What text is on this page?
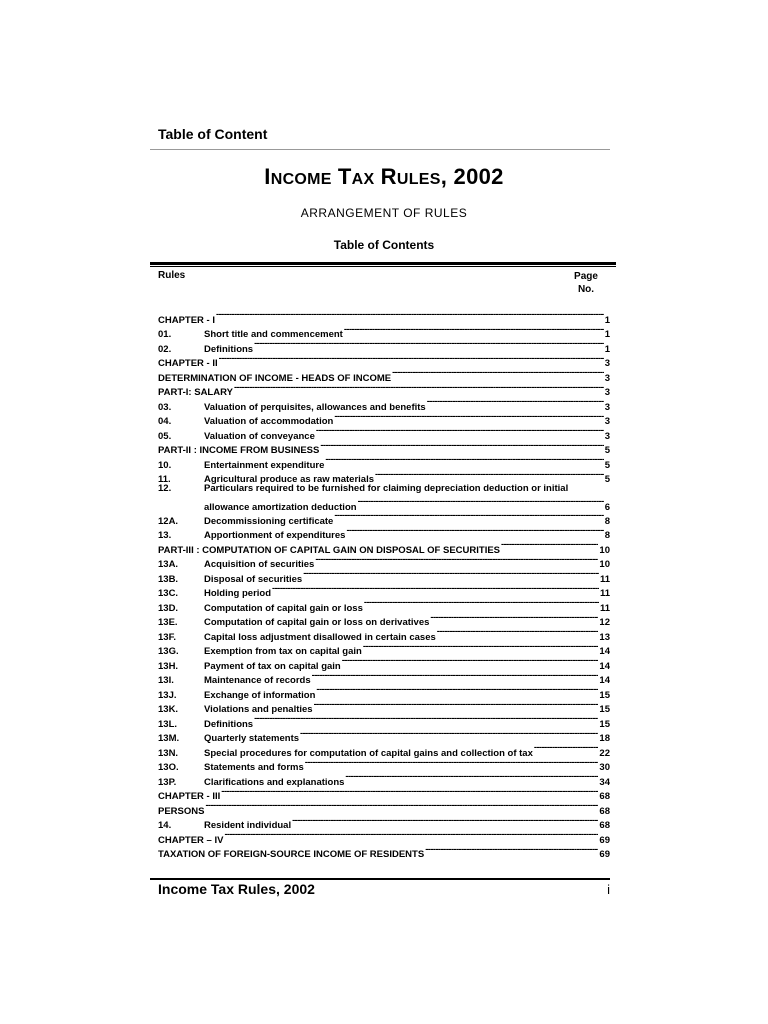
Table of Content
INCOME TAX RULES, 2002
ARRANGEMENT OF RULES
Table of Contents
Rules	Page
No.
CHAPTER - I -----	1
01.	Short title and commencement -----	1
02.	Definitions -----	1
CHAPTER - II -----	3
DETERMINATION OF INCOME - HEADS OF INCOME -----	3
PART-I: SALARY -----	3
03.	Valuation of perquisites, allowances and benefits -----	3
04.	Valuation of accommodation -----	3
05.	Valuation of conveyance -----	3
PART-II : INCOME FROM BUSINESS -----	5
10.	Entertainment expenditure -----	5
11.	Agricultural produce as raw materials -----	5
12.	Particulars required to be furnished for claiming depreciation deduction or initial
allowance amortization deduction -----	6
12A.	Decommissioning certificate -----	8
13.	Apportionment of expenditures -----	8
PART-III : COMPUTATION OF CAPITAL GAIN ON DISPOSAL OF SECURITIES -----	10
13A.	Acquisition of securities -----	10
13B.	Disposal of securities -----	11
13C.	Holding period -----	11
13D.	Computation of capital gain or loss -----	11
13E.	Computation of capital gain or loss on derivatives -----	12
13F.	Capital loss adjustment disallowed in certain cases -----	13
13G.	Exemption from tax on capital gain -----	14
13H.	Payment of tax on capital gain -----	14
13I.	Maintenance of records -----	14
13J.	Exchange of information -----	15
13K.	Violations and penalties -----	15
13L.	Definitions -----	15
13M.	Quarterly statements -----	18
13N.	Special procedures for computation of capital gains and collection of tax -----	22
13O.	Statements and forms -----	30
13P.	Clarifications and explanations -----	34
CHAPTER - III -----	68
PERSONS -----	68
14.	Resident individual -----	68
CHAPTER – IV -----	69
TAXATION OF FOREIGN-SOURCE INCOME OF RESIDENTS -----	69
Income Tax Rules, 2002	i
